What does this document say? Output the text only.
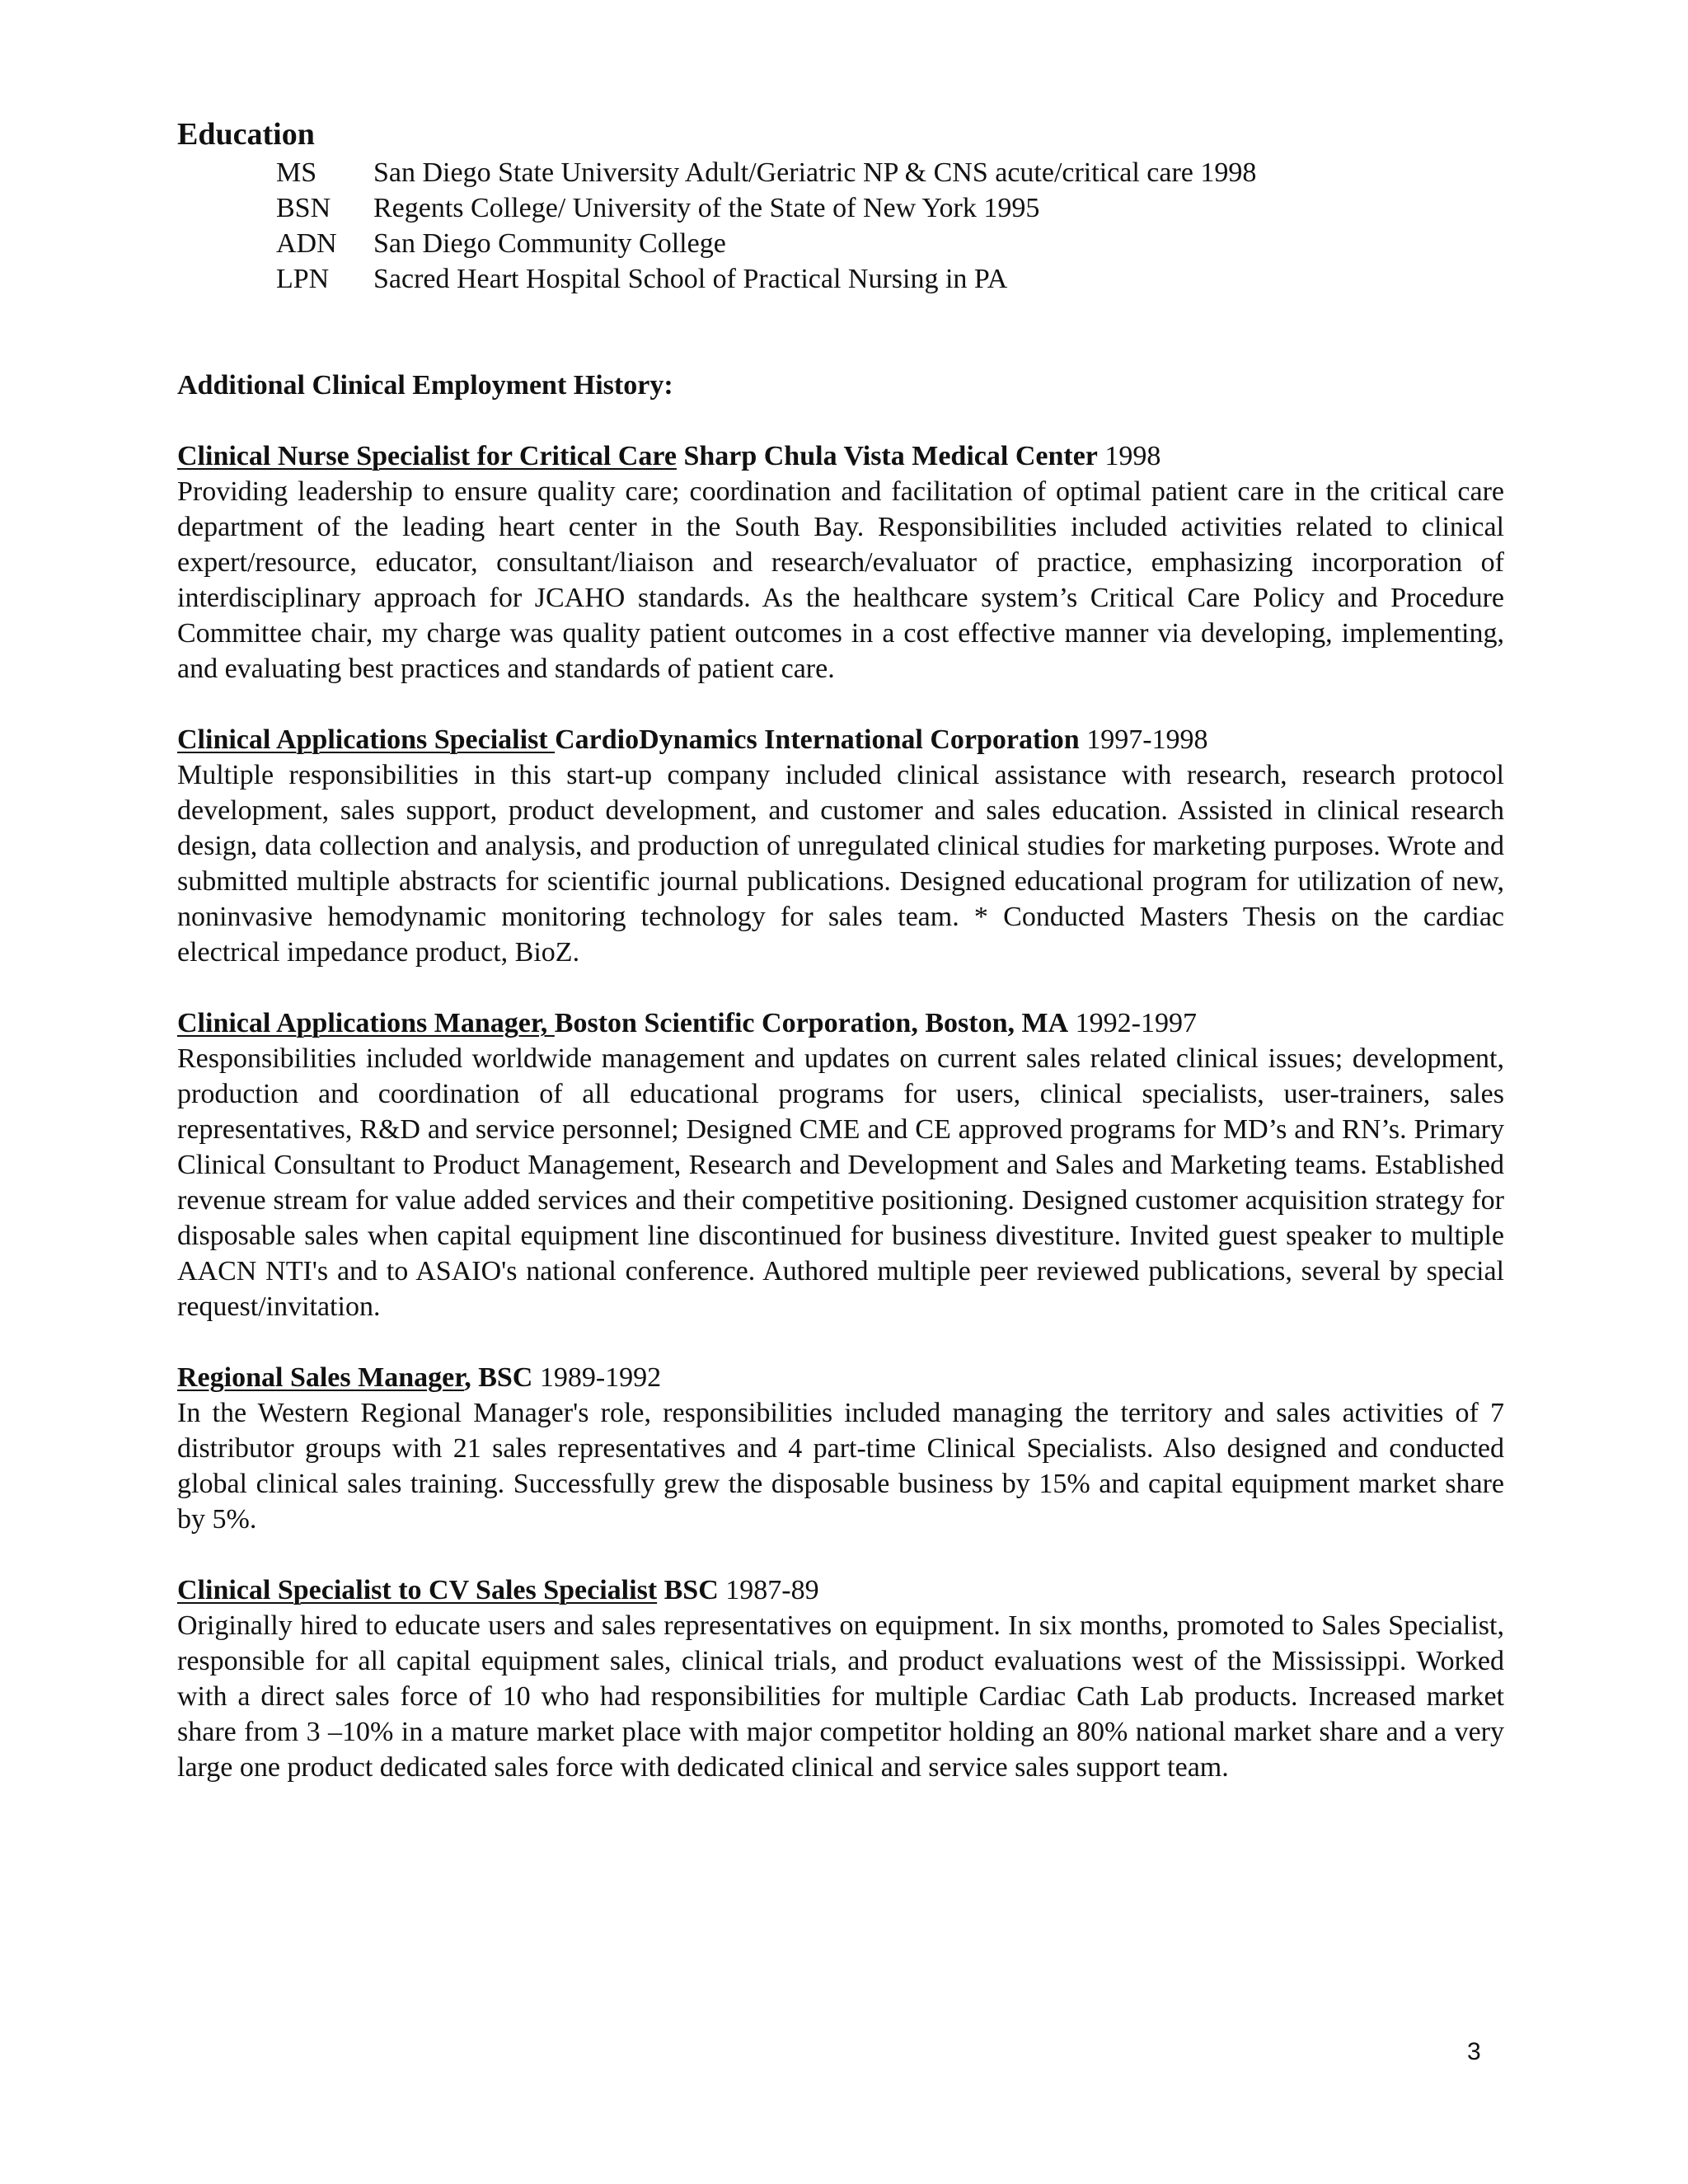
Education
MS	San Diego State University Adult/Geriatric NP & CNS acute/critical care 1998
BSN	Regents College/ University of the State of New York 1995
ADN	San Diego Community College
LPN	Sacred Heart Hospital School of Practical Nursing in PA
Additional Clinical Employment History:
Clinical Nurse Specialist for Critical Care Sharp Chula Vista Medical Center 1998

Providing leadership to ensure quality care; coordination and facilitation of optimal patient care in the critical care department of the leading heart center in the South Bay. Responsibilities included activities related to clinical expert/resource, educator, consultant/liaison and research/evaluator of practice, emphasizing incorporation of interdisciplinary approach for JCAHO standards. As the healthcare system’s Critical Care Policy and Procedure Committee chair, my charge was quality patient outcomes in a cost effective manner via developing, implementing, and evaluating best practices and standards of patient care.

Clinical Applications Specialist CardioDynamics International Corporation 1997-1998

Multiple responsibilities in this start-up company included clinical assistance with research, research protocol development, sales support, product development, and customer and sales education. Assisted in clinical research design, data collection and analysis, and production of unregulated clinical studies for marketing purposes. Wrote and submitted multiple abstracts for scientific journal publications. Designed educational program for utilization of new, noninvasive hemodynamic monitoring technology for sales team. * Conducted Masters Thesis on the cardiac electrical impedance product, BioZ.

Clinical Applications Manager, Boston Scientific Corporation, Boston, MA 1992-1997

Responsibilities included worldwide management and updates on current sales related clinical issues; development, production and coordination of all educational programs for users, clinical specialists, user-trainers, sales representatives, R&D and service personnel; Designed CME and CE approved programs for MD’s and RN’s. Primary Clinical Consultant to Product Management, Research and Development and Sales and Marketing teams. Established revenue stream for value added services and their competitive positioning. Designed customer acquisition strategy for disposable sales when capital equipment line discontinued for business divestiture. Invited guest speaker to multiple AACN NTI's and to ASAIO's national conference. Authored multiple peer reviewed publications, several by special request/invitation.

Regional Sales Manager, BSC 1989-1992

In the Western Regional Manager's role, responsibilities included managing the territory and sales activities of 7 distributor groups with 21 sales representatives and 4 part-time Clinical Specialists. Also designed and conducted global clinical sales training. Successfully grew the disposable business by 15% and capital equipment market share by 5%.

Clinical Specialist to CV Sales Specialist BSC 1987-89

Originally hired to educate users and sales representatives on equipment. In six months, promoted to Sales Specialist, responsible for all capital equipment sales, clinical trials, and product evaluations west of the Mississippi. Worked with a direct sales force of 10 who had responsibilities for multiple Cardiac Cath Lab products. Increased market share from 3 –10% in a mature market place with major competitor holding an 80% national market share and a very large one product dedicated sales force with dedicated clinical and service sales support team.

3
